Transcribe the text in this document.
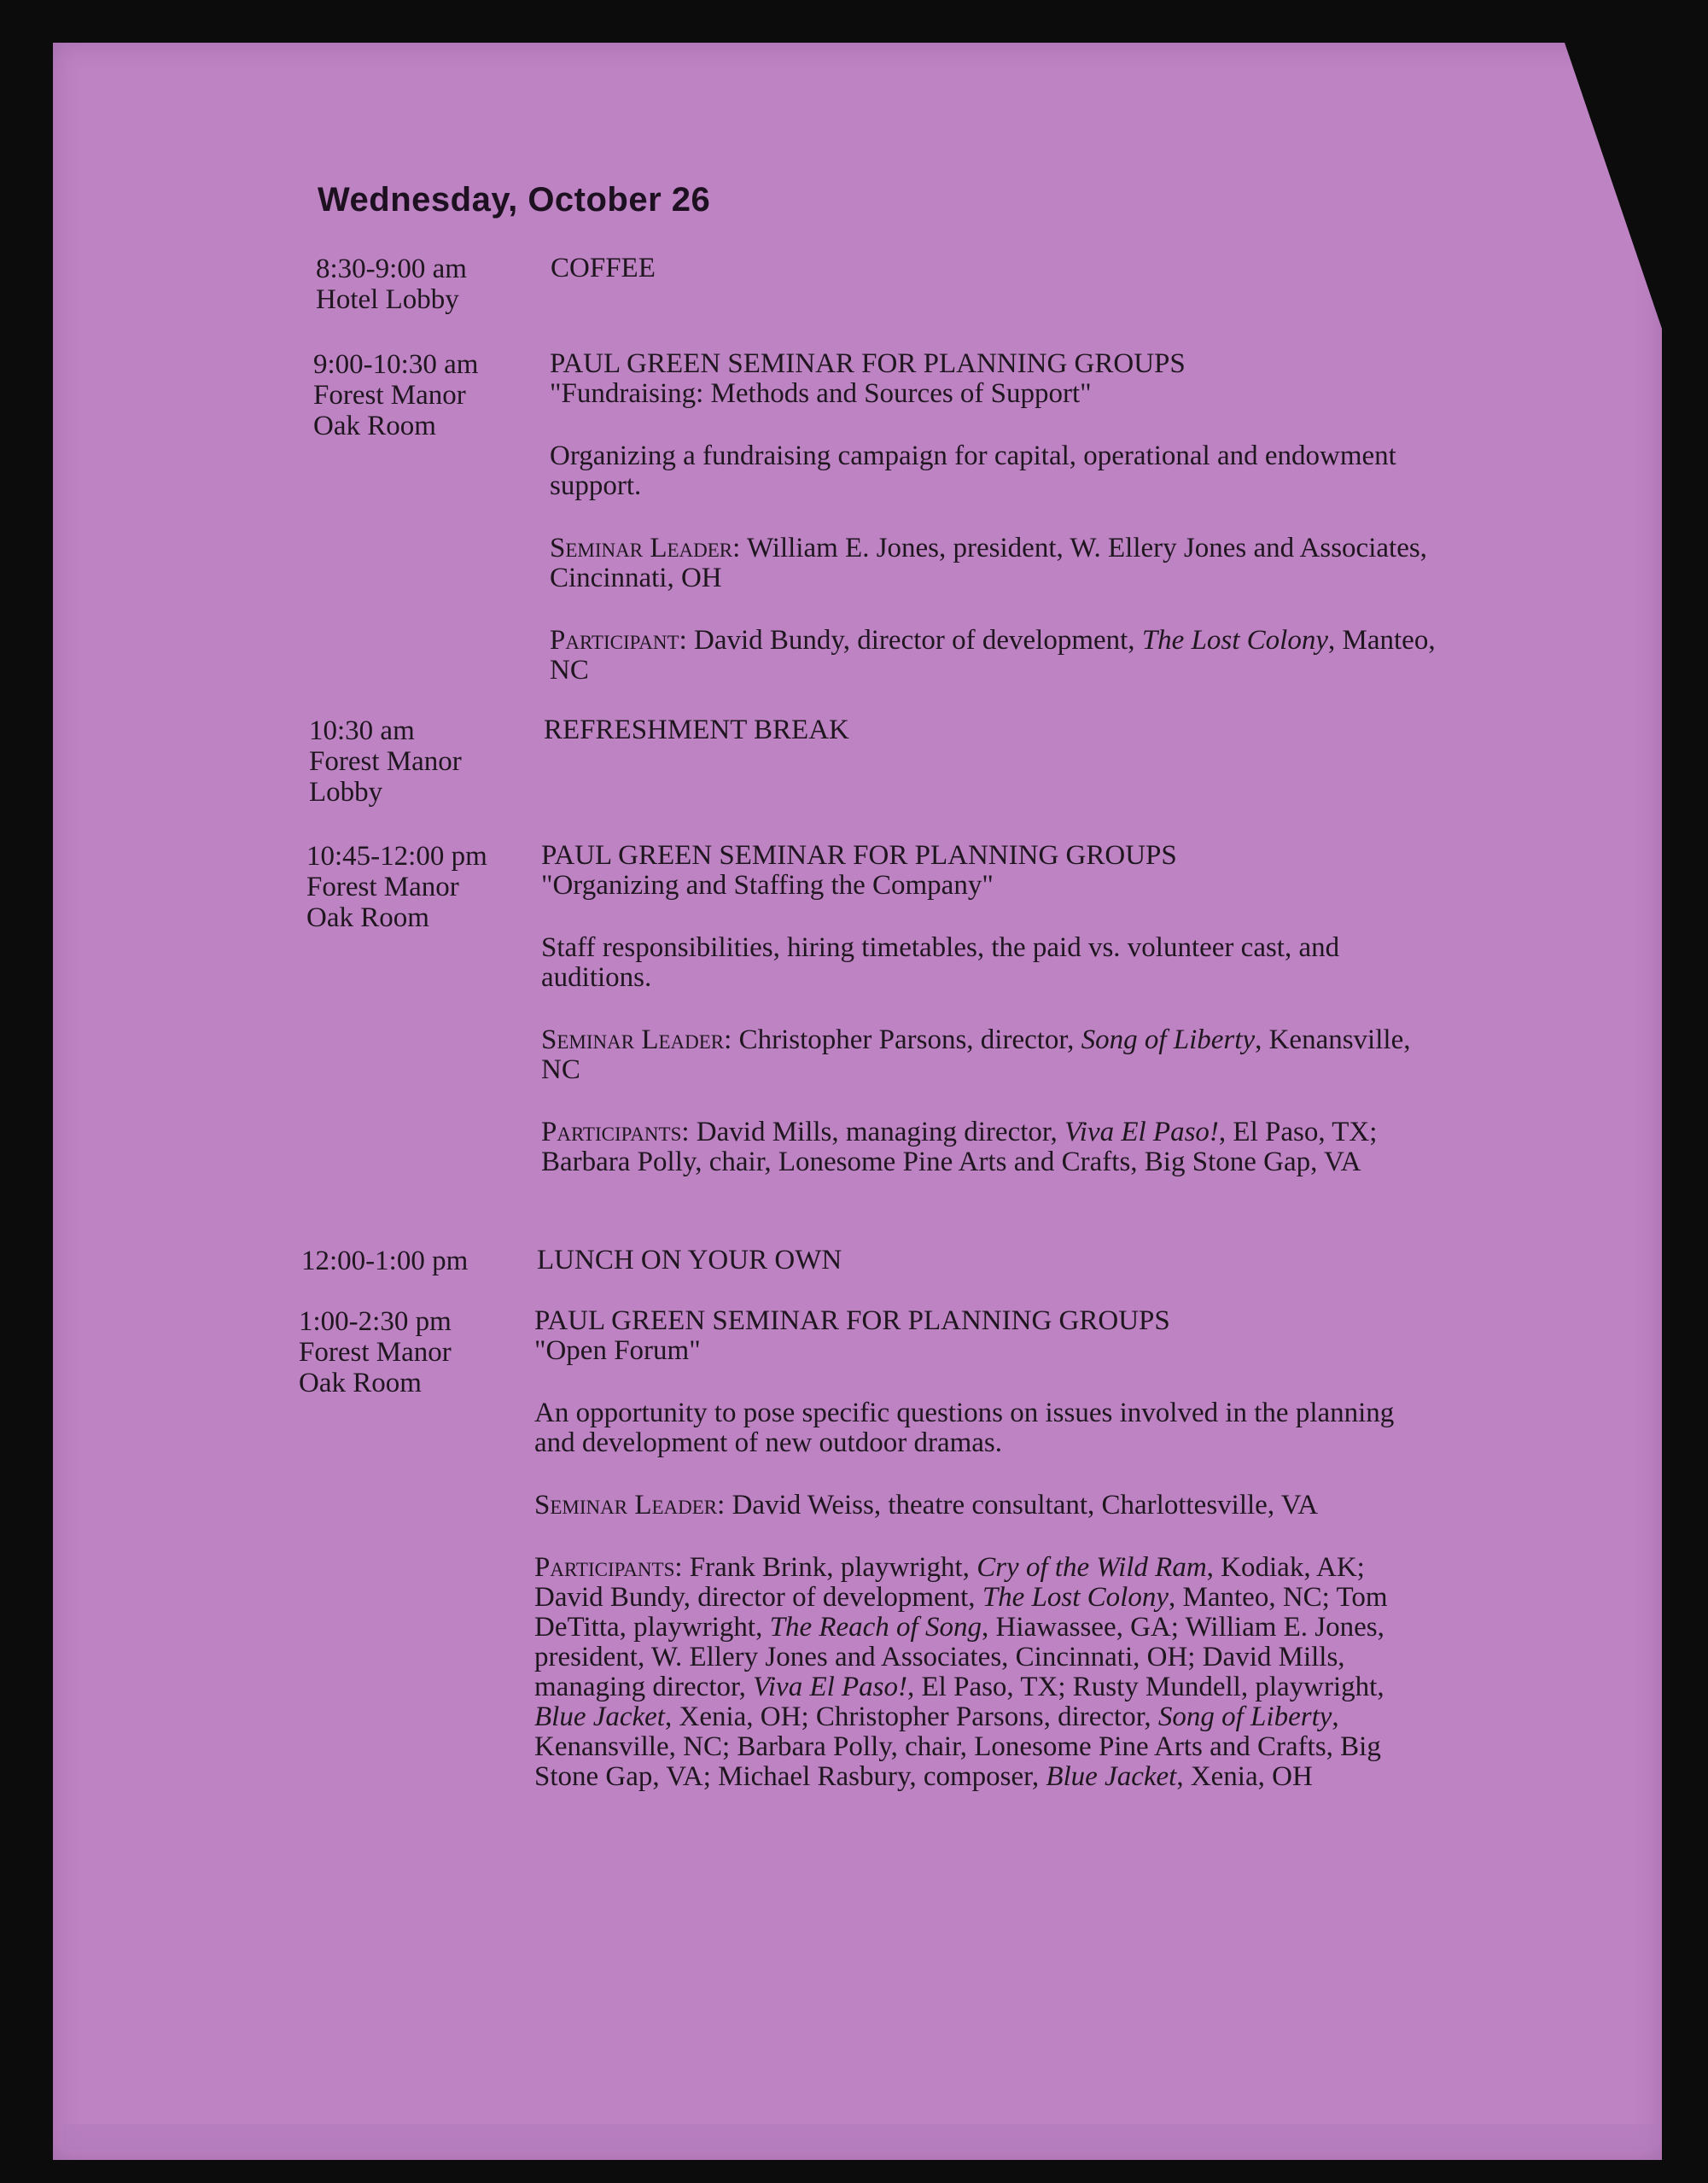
Wednesday, October 26
8:30-9:00 am
Hotel Lobby

COFFEE

9:00-10:30 am
Forest Manor
Oak Room

PAUL GREEN SEMINAR FOR PLANNING GROUPS
"Fundraising: Methods and Sources of Support"

Organizing a fundraising campaign for capital, operational and endowment support.

Seminar Leader: William E. Jones, president, W. Ellery Jones and Associates, Cincinnati, OH

Participant: David Bundy, director of development, The Lost Colony, Manteo, NC

10:30 am
Forest Manor
Lobby

REFRESHMENT BREAK

10:45-12:00 pm
Forest Manor
Oak Room

PAUL GREEN SEMINAR FOR PLANNING GROUPS
"Organizing and Staffing the Company"

Staff responsibilities, hiring timetables, the paid vs. volunteer cast, and auditions.

Seminar Leader: Christopher Parsons, director, Song of Liberty, Kenansville, NC

Participants: David Mills, managing director, Viva El Paso!, El Paso, TX; Barbara Polly, chair, Lonesome Pine Arts and Crafts, Big Stone Gap, VA

12:00-1:00 pm	LUNCH ON YOUR OWN

1:00-2:30 pm
Forest Manor
Oak Room

PAUL GREEN SEMINAR FOR PLANNING GROUPS
"Open Forum"

An opportunity to pose specific questions on issues involved in the planning and development of new outdoor dramas.

Seminar Leader: David Weiss, theatre consultant, Charlottesville, VA

Participants: Frank Brink, playwright, Cry of the Wild Ram, Kodiak, AK; David Bundy, director of development, The Lost Colony, Manteo, NC; Tom DeTitta, playwright, The Reach of Song, Hiawassee, GA; William E. Jones, president, W. Ellery Jones and Associates, Cincinnati, OH; David Mills, managing director, Viva El Paso!, El Paso, TX; Rusty Mundell, playwright, Blue Jacket, Xenia, OH; Christopher Parsons, director, Song of Liberty, Kenansville, NC; Barbara Polly, chair, Lonesome Pine Arts and Crafts, Big Stone Gap, VA; Michael Rasbury, composer, Blue Jacket, Xenia, OH
